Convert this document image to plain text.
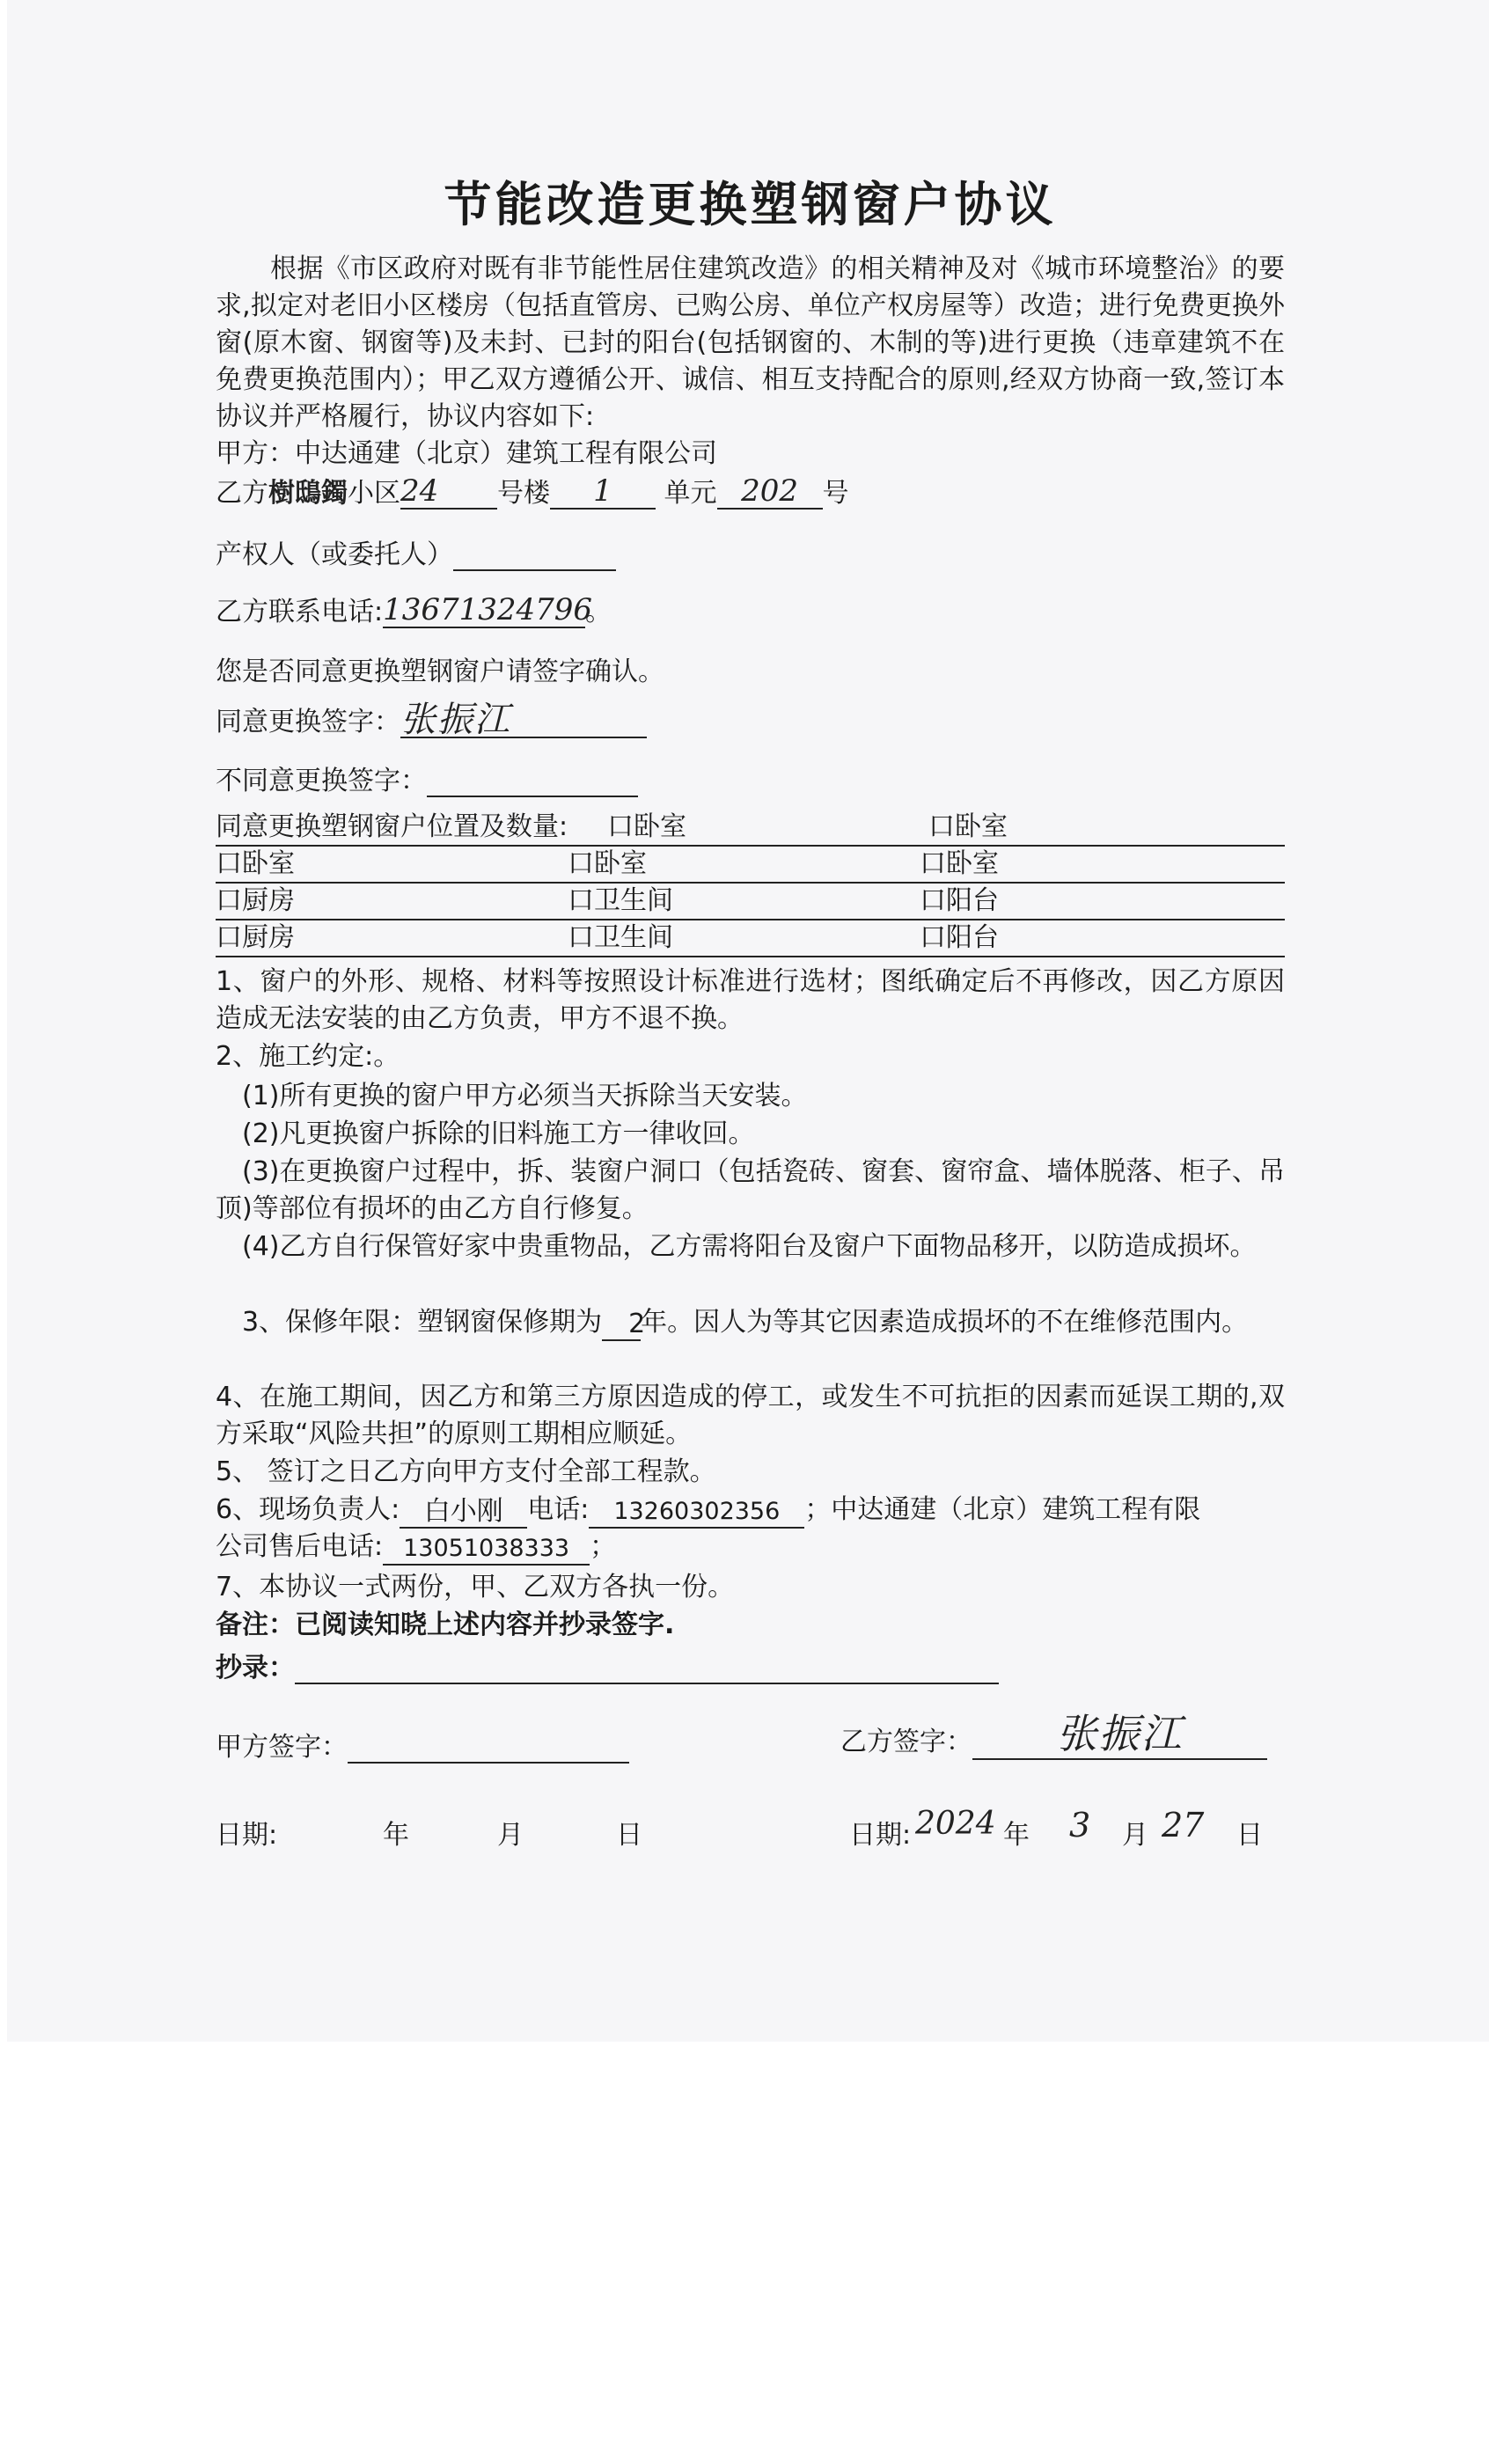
节能改造更换塑钢窗户协议

根据《市区政府对既有非节能性居住建筑改造》的相关精神及对《城市环境整治》的要求,拟定对老旧小区楼房（包括直管房、已购公房、单位产权房屋等）改造；进行免费更换外窗(原木窗、钢窗等)及未封、已封的阳台(包括钢窗的、木制的等)进行更换（违章建筑不在免费更换范围内）；甲乙双方遵循公开、诚信、相互支持配合的原则,经双方协商一致,签订本协议并严格履行，协议内容如下:

甲方：中达通建（北京）建筑工程有限公司

乙方樹鴟鐲小区24 号楼 1 单元 202 号
产权人（或委托人）
乙方联系电话:13671324796。
您是否同意更换塑钢窗户请签字确认。
同意更换签字：张振江
不同意更换签字：
同意更换塑钢窗户位置及数量: 口卧室	口卧室
口卧室	口卧室	口卧室
口厨房	口卫生间	口阳台
口厨房	口卫生间	口阳台

1、窗户的外形、规格、材料等按照设计标准进行选材；图纸确定后不再修改，因乙方原因造成无法安装的由乙方负责，甲方不退不换。

2、施工约定:。

(1)所有更换的窗户甲方必须当天拆除当天安装。

(2)凡更换窗户拆除的旧料施工方一律收回。

(3)在更换窗户过程中，拆、装窗户洞口（包括瓷砖、窗套、窗帘盒、墙体脱落、柜子、吊顶)等部位有损坏的由乙方自行修复。

(4)乙方自行保管好家中贵重物品，乙方需将阳台及窗户下面物品移开，以防造成损坏。

3、保修年限：塑钢窗保修期为 2年。因人为等其它因素造成损坏的不在维修范围内。

4、在施工期间，因乙方和第三方原因造成的停工，或发生不可抗拒的因素而延误工期的,双方采取“风险共担”的原则工期相应顺延。

5、 签订之日乙方向甲方支付全部工程款。

6、现场负责人: 白小刚 电话: 13260302356 ；中达通建（北京）建筑工程有限
公司售后电话: 13051038333 ；

7、本协议一式两份，甲、乙双方各执一份。

备注：已阅读知晓上述内容并抄录签字.

抄录：
甲方签字：	乙方签字： 张振江
日期:	年	月	日	日期: 2024 年 3 月 27 日
